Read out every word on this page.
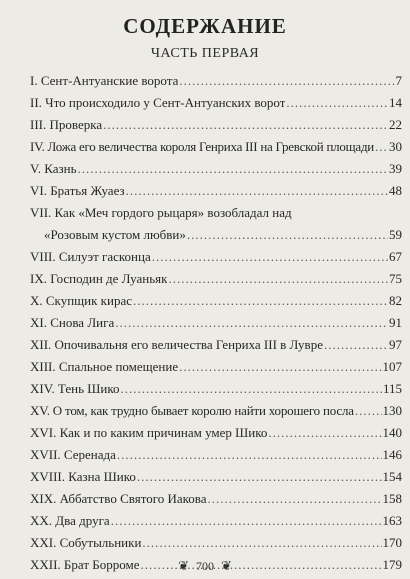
СОДЕРЖАНИЕ
ЧАСТЬ ПЕРВАЯ
I. Сент-Антуанские ворота .....	7
II. Что происходило у Сент-Антуанских ворот .....	14
III. Проверка .....	22
IV. Ложа его величества короля Генриха III на Гревской площади ..... 30
V. Казнь .....	39
VI. Братья Жуаез .....	48
VII. Как «Меч гордого рыцаря» возобладал над
«Розовым кустом любви» .....	59
VIII. Силуэт гасконца .....	67
IX. Господин де Луаньяк .....	75
X. Скупщик кирас .....	82
XI. Снова Лига .....	91
XII. Опочивальня его величества Генриха III в Лувре .....	97
XIII. Спальное помещение .....	107
XIV. Тень Шико .....	115
XV. О том, как трудно бывает королю найти хорошего посла ..... 130
XVI. Как и по каким причинам умер Шико .....	140
XVII. Серенада .....	146
XVIII. Казна Шико .....	154
XIX. Аббатство Святого Иакова .....	158
XX. Два друга .....	163
XXI. Собутыльники .....	170
XXII. Брат Борроме .....	179
❦ 700 ❦
